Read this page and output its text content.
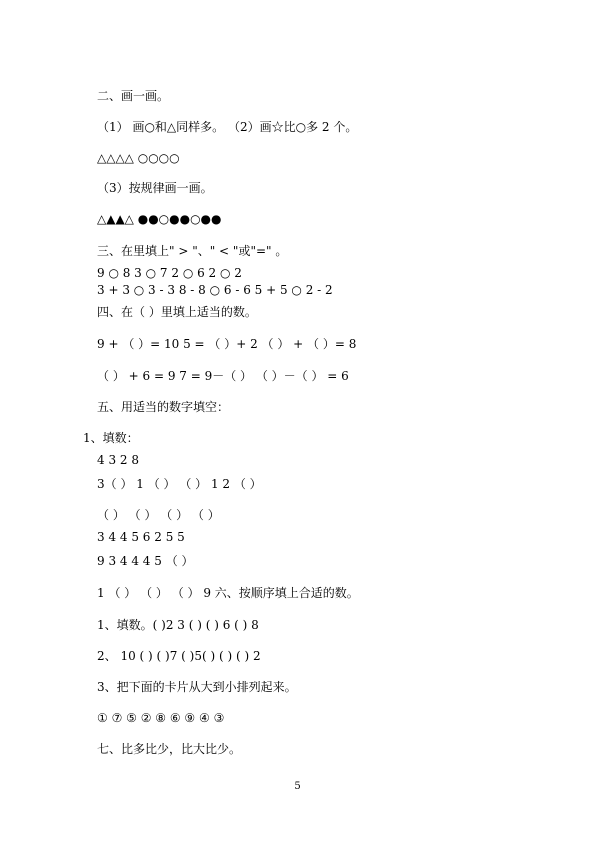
二、画一画。
（1） 画○和△同样多。 （2）画☆比○多 2 个。
△△△△ ○○○○
（3）按规律画一画。
△▲▲△ ●●○●●○●●
三、在里填上" > "、" < "或"=" 。
9 ○ 8 3 ○ 7 2 ○ 6 2 ○ 2
3 + 3 ○ 3 - 3 8 - 8 ○ 6 - 6 5 + 5 ○ 2 - 2
四、在（ ）里填上适当的数。
9 + （ ）= 10 5 = （ ）+ 2 （ ） + （ ）= 8
（ ） + 6 = 9 7 = 9－（ ） （ ）－（ ） = 6
五、用适当的数字填空：
1、填数：
4 3 2 8
3（ ） 1 （ ） （ ） 1 2 （ ）
（ ） （ ） （ ） （ ）
3 4 4 5 6 2 5 5
9 3 4 4 4 5 （ ）
1 （ ） （ ） （ ） 9 六、按顺序填上合适的数。
1、填数。( )2 3 ( ) ( ) 6 ( ) 8
2、 10 ( ) ( )7 ( )5( ) ( ) ( ) 2
3、把下面的卡片从大到小排列起来。
① ⑦ ⑤ ② ⑧ ⑥ ⑨ ④ ③
七、比多比少，比大比少。
5
